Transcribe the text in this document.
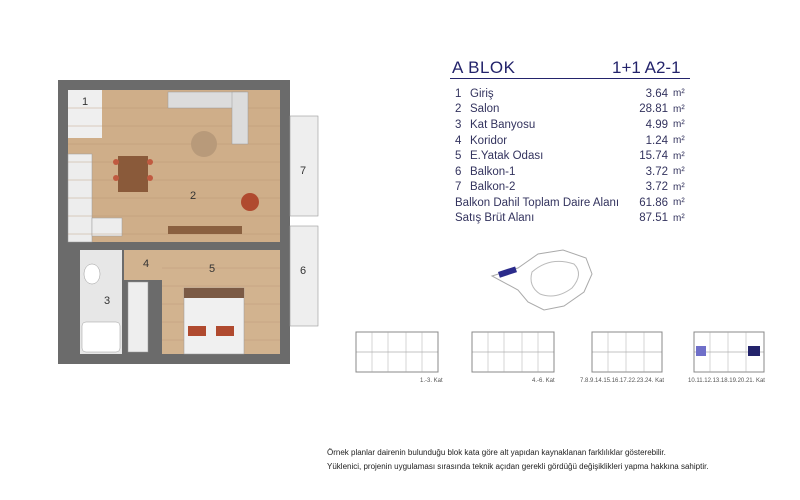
1
2
3
4	5	6
7
A BLOK	1+1 A2-1
1 Giriş	3.64 m²
2 Salon	28.81 m²
3 Kat Banyosu	4.99 m²
4 Koridor	1.24 m²
5 E.Yatak Odası	15.74 m²
6 Balkon-1	3.72 m²
7 Balkon-2	3.72 m²
Balkon Dahil Toplam Daire Alanı	61.86 m²
Satış Brüt Alanı	87.51 m²
1.-3. Kat	4.-6. Kat	7.8.9.14.15.16.17.22.23.24. Kat	10.11.12.13.18.19.20.21. Kat
Örnek planlar dairenin bulunduğu blok kata göre alt yapıdan kaynaklanan farklılıklar gösterebilir.
Yüklenici, projenin uygulaması sırasında teknik açıdan gerekli gördüğü değişiklikleri yapma hakkına sahiptir.
